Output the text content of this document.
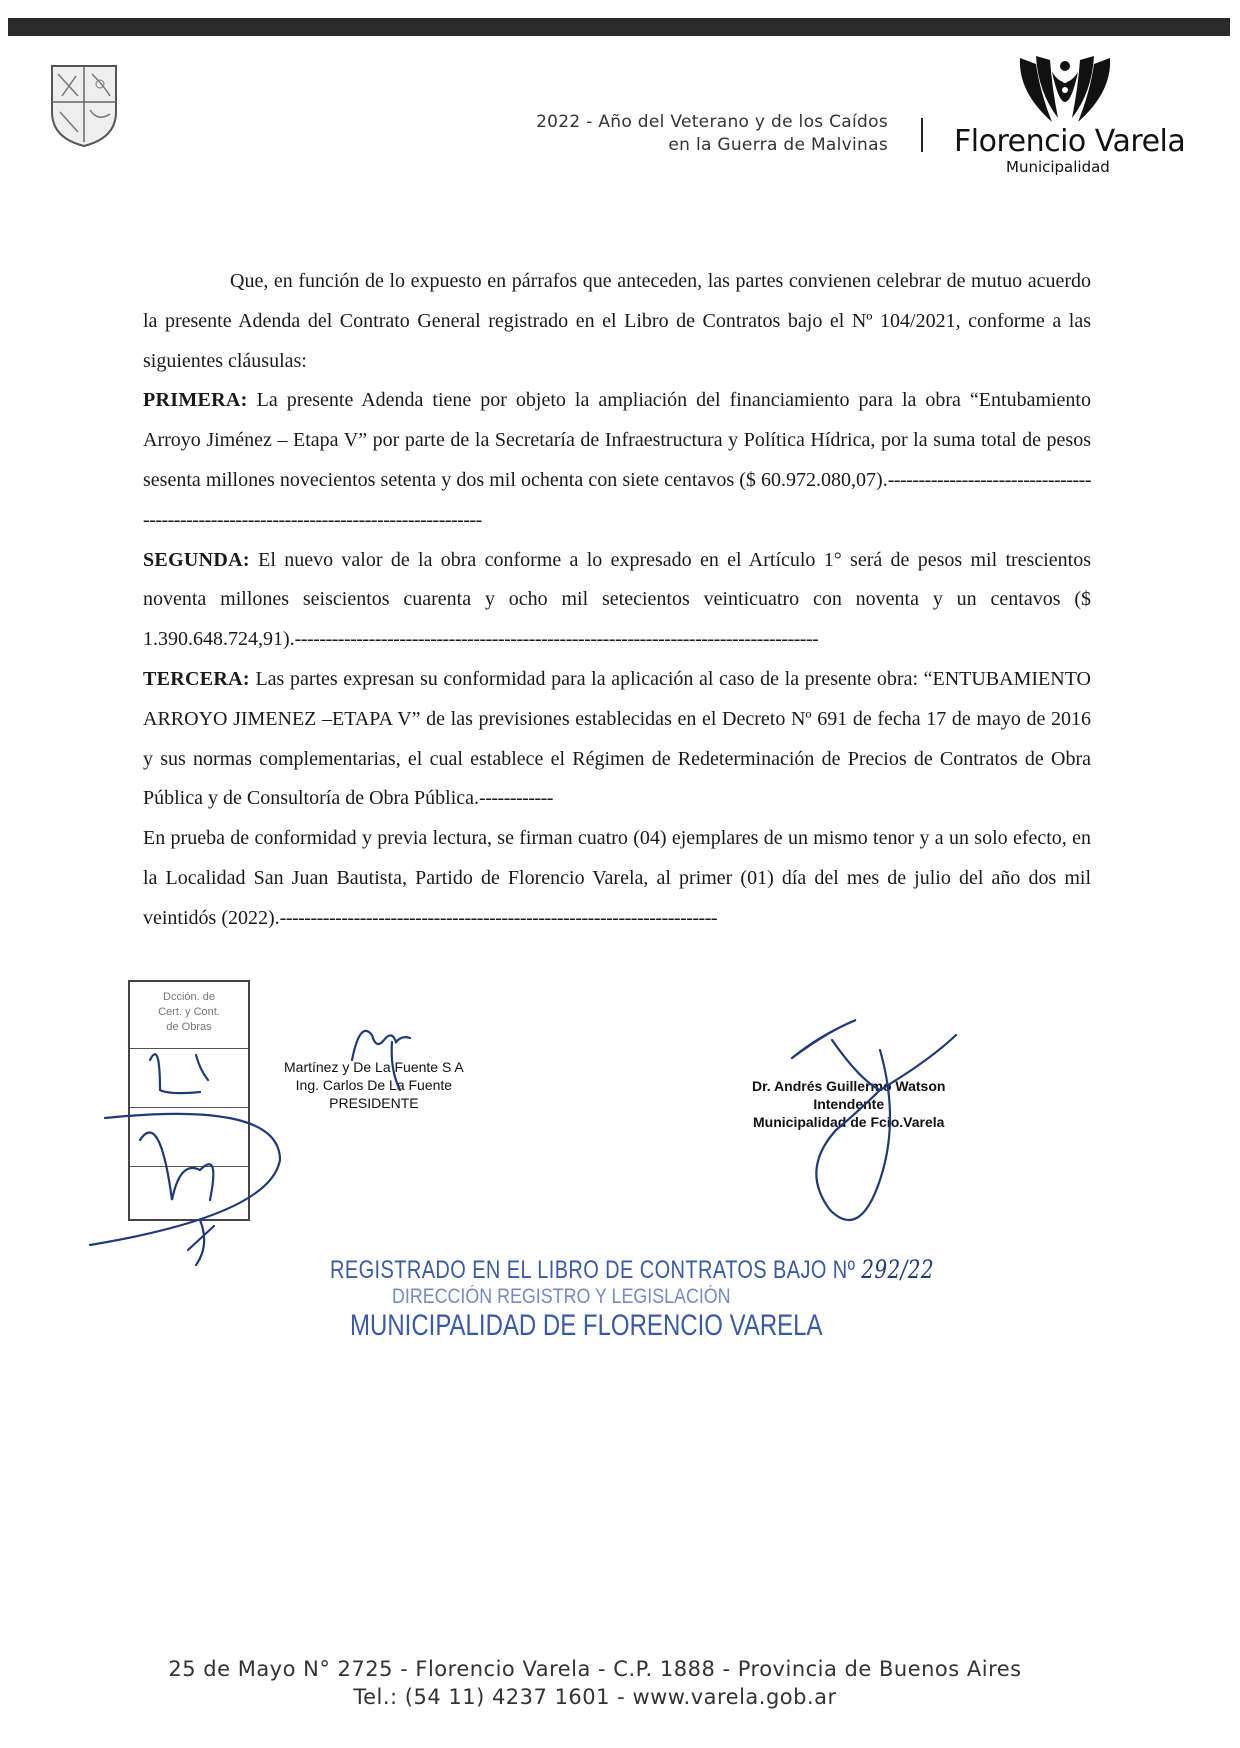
2022 - Año del Veterano y de los Caídos
en la Guerra de Malvinas Florencio Varela
Municipalidad

Que, en función de lo expuesto en párrafos que anteceden, las partes convienen celebrar de mutuo acuerdo la presente Adenda del Contrato General registrado en el Libro de Contratos bajo el Nº 104/2021, conforme a las siguientes cláusulas:

PRIMERA: La presente Adenda tiene por objeto la ampliación del financiamiento para la obra “Entubamiento Arroyo Jiménez – Etapa V” por parte de la Secretaría de Infraestructura y Política Hídrica, por la suma total de pesos sesenta millones novecientos setenta y dos mil ochenta con siete centavos ($ 60.972.080,07).----------------------------------------------------------------------------------------

SEGUNDA: El nuevo valor de la obra conforme a lo expresado en el Artículo 1° será de pesos mil trescientos noventa millones seiscientos cuarenta y ocho mil setecientos veinticuatro con noventa y un centavos ($ 1.390.648.724,91).-------------------------------------------------------------------------------------

TERCERA: Las partes expresan su conformidad para la aplicación al caso de la presente obra: “ENTUBAMIENTO ARROYO JIMENEZ –ETAPA V” de las previsiones establecidas en el Decreto Nº 691 de fecha 17 de mayo de 2016 y sus normas complementarias, el cual establece el Régimen de Redeterminación de Precios de Contratos de Obra Pública y de Consultoría de Obra Pública.------------

En prueba de conformidad y previa lectura, se firman cuatro (04) ejemplares de un mismo tenor y a un solo efecto, en la Localidad San Juan Bautista, Partido de Florencio Varela, al primer (01) día del mes de julio del año dos mil veintidós (2022).-----------------------------------------------------------------------

Dcción. de
Cert. y Cont.
de Obras
Martínez y De La Fuente S A
Ing. Carlos De La Fuente
PRESIDENTE
Dr. Andrés Guillermo Watson
Intendente
Municipalidad de Fcio.Varela
REGISTRADO EN EL LIBRO DE CONTRATOS BAJO Nº 292/22
DIRECCIÓN REGISTRO Y LEGISLACIÓN
MUNICIPALIDAD DE FLORENCIO VARELA
25 de Mayo N° 2725 - Florencio Varela - C.P. 1888 - Provincia de Buenos Aires
Tel.: (54 11) 4237 1601 - www.varela.gob.ar
